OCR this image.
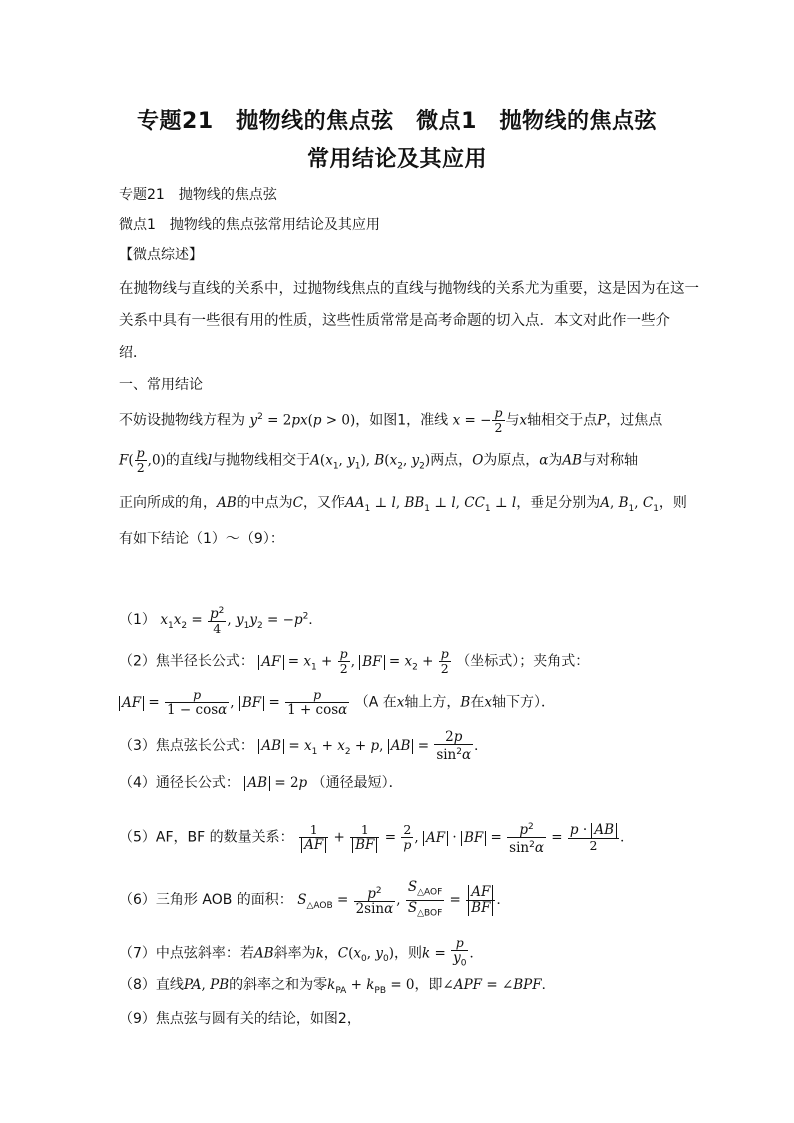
专题21　抛物线的焦点弦　微点1　抛物线的焦点弦
常用结论及其应用
专题21　抛物线的焦点弦
微点1　抛物线的焦点弦常用结论及其应用
【微点综述】
在抛物线与直线的关系中，过抛物线焦点的直线与抛物线的关系尤为重要，这是因为在这一
关系中具有一些很有用的性质，这些性质常常是高考命题的切入点．本文对此作一些介
绍．
一、常用结论
不妨设抛物线方程为 $y^2 = 2px(p > 0)$，如图1，准线 x = − $\frac{p}{2}$ 与x轴相交于点P，过焦点
$F( \frac{p}{2} ,0)$的直线l与抛物线相交于$A(x_1$, $y_1$), $B(x_2$, $y_2$)两点，O为原点，α为AB与对称轴
正向所成的角，AB的中点为C，又作$AA_1$ ⊥ l, $BB_1$ ⊥ l, $CC_1$ ⊥ l，垂足分别为A, $B_1$, $C_1$，则
有如下结论（1）～（9）：
（1） $x_1x_2 = \frac{p^2}{4}$ , $y_1y_2 = -p^2$．
（2）焦半径长公式： AF = $x_1 + \frac{p}{2}$ , BF = $x_2 + \frac{p}{2}$ （坐标式）；夹角式：
AF = $\frac{p}{1 - \cos\alpha}$ , BF = $\frac{p}{1 + \cos\alpha} (A$ 在x轴上方，B在x轴下方）．
（3）焦点弦长公式： AB = $x_1 + x_2 + p$, AB = $\frac{2p}{\sin^2\alpha}$ ．
（4）通径长公式： AB = 2p （通径最短）．
（5）AF，BF 的数量关系： $\frac{1}{AF} + \frac{1}{BF} = \frac{2}{p}$ , AF · BF = $\frac{p^2}{\sin^2\alpha} = \frac{p \cdot AB}{2}$ ．
（6）三角形 AOB 的面积： $S_{\triangle AOB} = \frac{p^2}{2\sin\alpha}$ , $\frac{S_{\triangle AOF}}{S_{\triangle BOF}} = \frac{AF}{BF}$ ．
（7）中点弦斜率：若AB斜率为k，$C(x_0$, $y_0$)，则$k = \frac{p}{y_0}$ ．
（8）直线PA, PB的斜率之和为零$k_{PA} + k_{PB} = 0$，即∠APF = ∠BPF．
（9）焦点弦与圆有关的结论，如图2，
